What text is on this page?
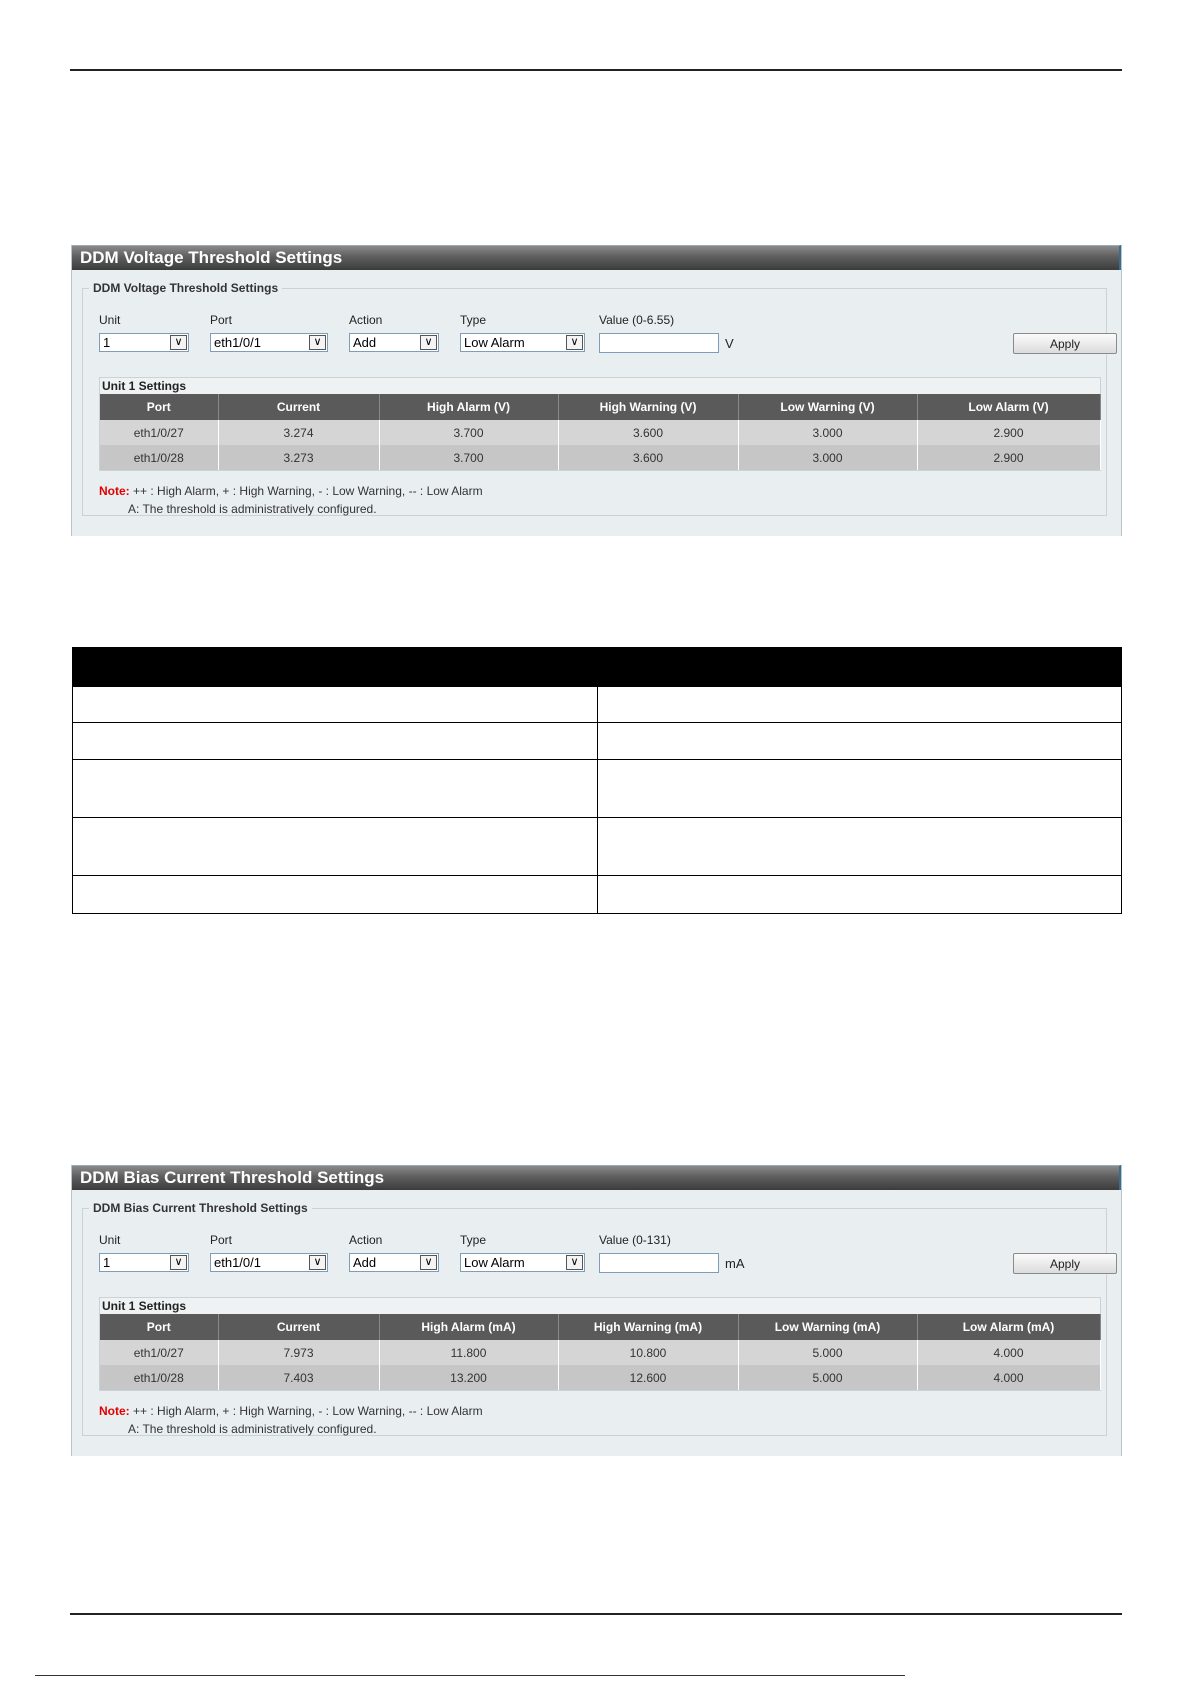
DDM Voltage Threshold Settings
DDM Voltage Threshold Settings
Unit	Port	Action	Type	Value (0-6.55)
1	∨	eth1/0/1	∨	Add	∨	Low Alarm	∨	V	Apply
Unit 1 Settings
Port	Current	High Alarm (V)	High Warning (V)	Low Warning (V)	Low Alarm (V)
eth1/0/27	3.274	3.700	3.600	3.000	2.900
eth1/0/28	3.273	3.700	3.600	3.000	2.900
Note: ++ : High Alarm, + : High Warning, - : Low Warning, -- : Low Alarm
A: The threshold is administratively configured.

DDM Bias Current Threshold Settings
DDM Bias Current Threshold Settings
Unit	Port	Action	Type	Value (0-131)
1	∨	eth1/0/1	∨	Add	∨	Low Alarm	∨	mA	Apply
Unit 1 Settings
Port	Current	High Alarm (mA)	High Warning (mA)	Low Warning (mA)	Low Alarm (mA)
eth1/0/27	7.973	11.800	10.800	5.000	4.000
eth1/0/28	7.403	13.200	12.600	5.000	4.000
Note: ++ : High Alarm, + : High Warning, - : Low Warning, -- : Low Alarm
A: The threshold is administratively configured.
